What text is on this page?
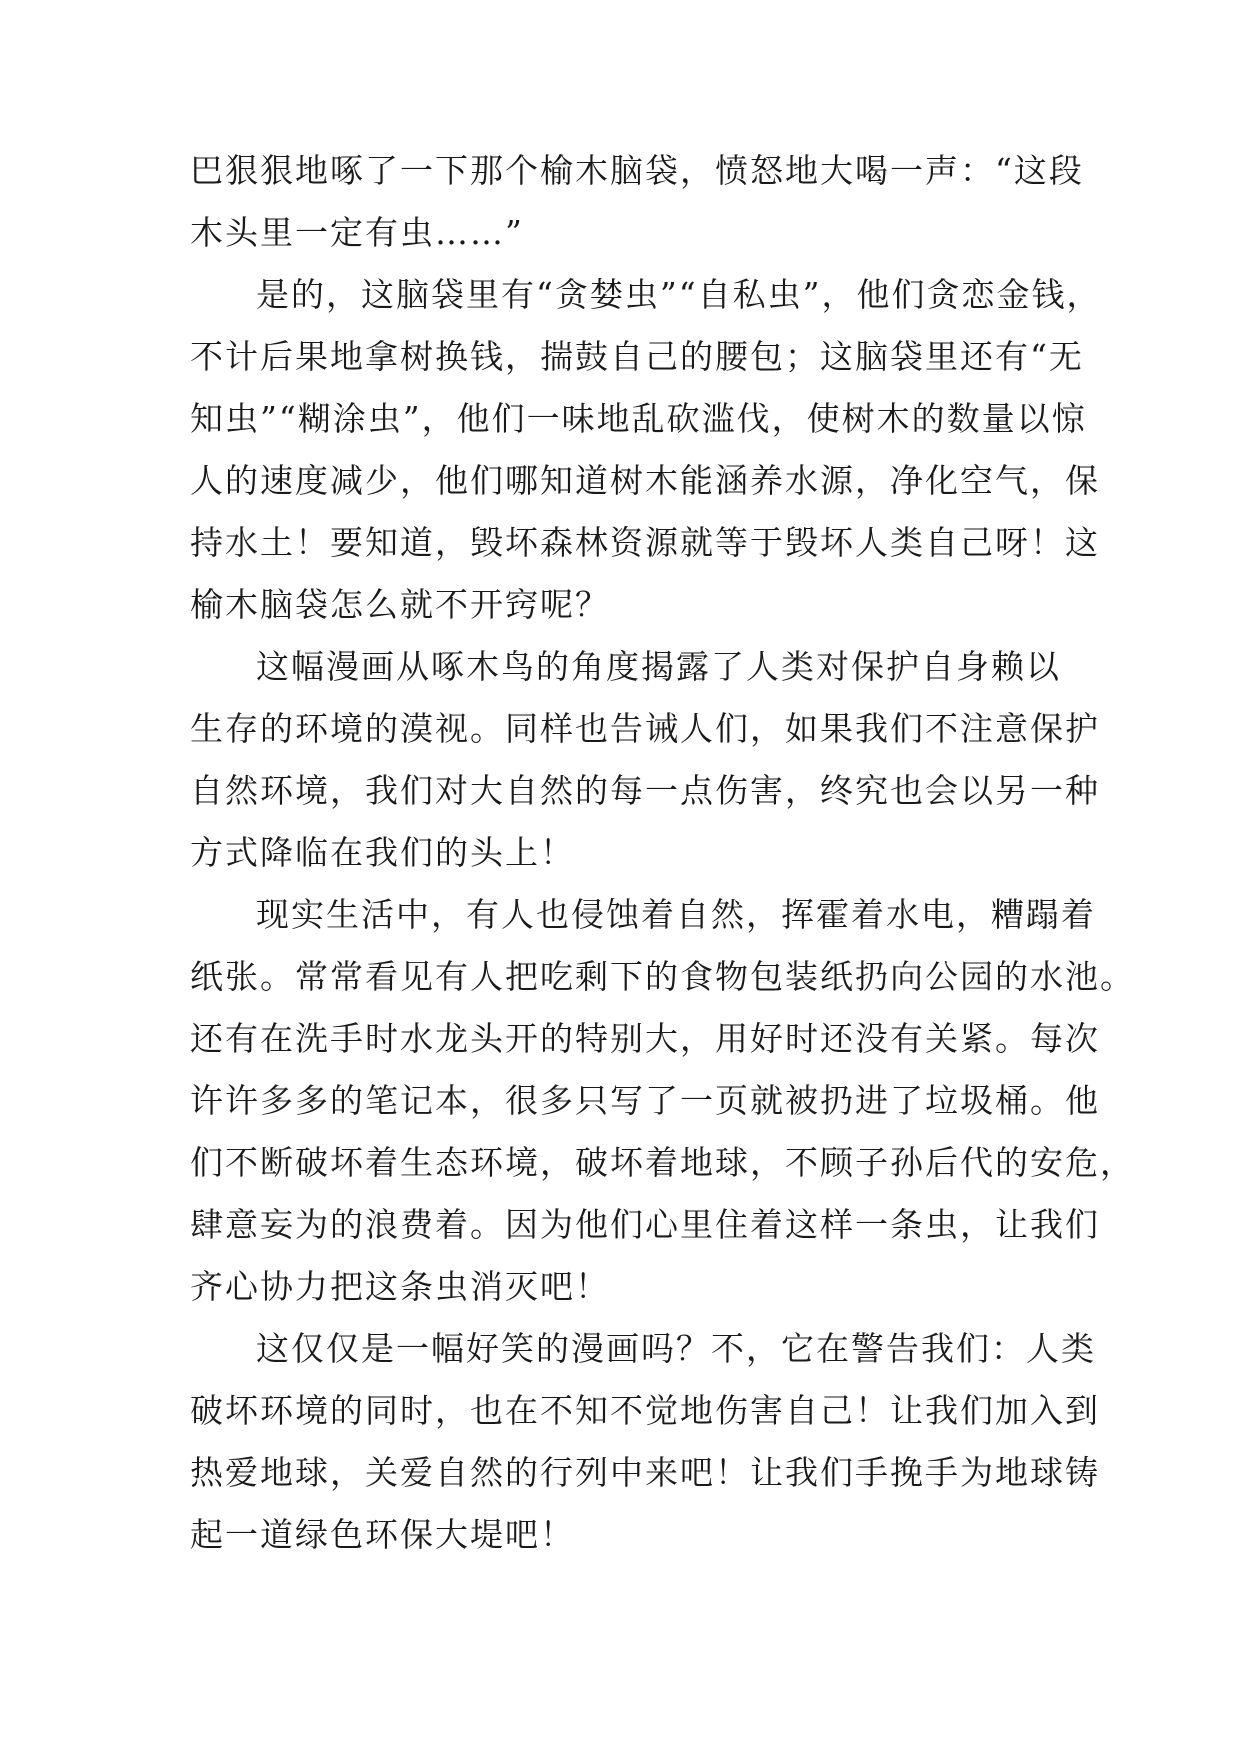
巴狠狠地啄了一下那个榆木脑袋，愤怒地大喝一声：“这段
木头里一定有虫……”
是的，这脑袋里有“贪婪虫”“自私虫”，他们贪恋金钱，
不计后果地拿树换钱，揣鼓自己的腰包；这脑袋里还有“无
知虫”“糊涂虫”，他们一味地乱砍滥伐，使树木的数量以惊
人的速度减少，他们哪知道树木能涵养水源，净化空气，保
持水土！要知道，毁坏森林资源就等于毁坏人类自己呀！这
榆木脑袋怎么就不开窍呢？
这幅漫画从啄木鸟的角度揭露了人类对保护自身赖以
生存的环境的漠视。同样也告诫人们，如果我们不注意保护
自然环境，我们对大自然的每一点伤害，终究也会以另一种
方式降临在我们的头上！
现实生活中，有人也侵蚀着自然，挥霍着水电，糟蹋着
纸张。常常看见有人把吃剩下的食物包装纸扔向公园的水池。
还有在洗手时水龙头开的特别大，用好时还没有关紧。每次
许许多多的笔记本，很多只写了一页就被扔进了垃圾桶。他
们不断破坏着生态环境，破坏着地球，不顾子孙后代的安危，
肆意妄为的浪费着。因为他们心里住着这样一条虫，让我们
齐心协力把这条虫消灭吧！
这仅仅是一幅好笑的漫画吗？不，它在警告我们：人类
破坏环境的同时，也在不知不觉地伤害自己！让我们加入到
热爱地球，关爱自然的行列中来吧！让我们手挽手为地球铸
起一道绿色环保大堤吧！
